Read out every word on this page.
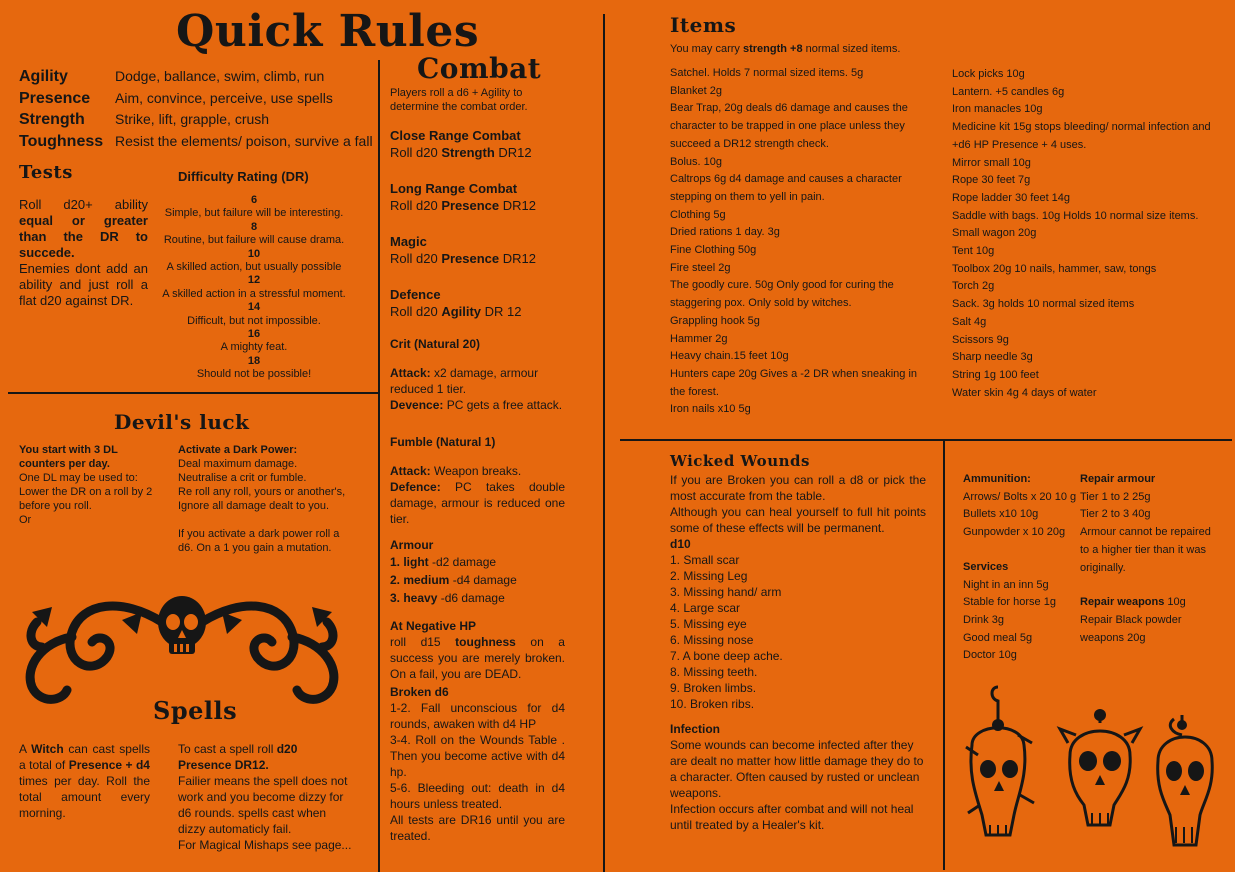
Quick Rules
Agility	Dodge, ballance, swim, climb, run
Presence	Aim, convince, perceive, use spells
Strength	Strike, lift, grapple, crush
Toughness Resist the elements/ poison, survive a fall
Tests

Roll d20+ ability equal or greater than the DR to succede.

Enemies dont add an ability and just roll a flat d20 against DR.

Difficulty Rating (DR)
6
Simple, but failure will be interesting.
8
Routine, but failure will cause drama.
10
A skilled action, but usually possible
12
A skilled action in a stressful moment.
14
Difficult, but not impossible.
16
A mighty feat.
18
Should not be possible!
Devil's luck

You start with 3 DL counters per day.

One DL may be used to: Lower the DR on a roll by 2 before you roll.

Or

Activate a Dark Power:

Deal maximum damage.

Neutralise a crit or fumble.

Re roll any roll, yours or another's,

Ignore all damage dealt to you.

If you activate a dark power roll a d6. On a 1 you gain a mutation.

Spells
A Witch can cast spells a total of Presence + d4 times per day. Roll the total amount every morning.

To cast a spell roll d20 Presence DR12.

Failier means the spell does not work and you become dizzy for d6 rounds. spells cast when dizzy automaticly fail.

For Magical Mishaps see page...

Combat

Players roll a d6 + Agility to determine the combat order.

Close Range Combat

Roll d20 Strength DR12

Long Range Combat

Roll d20 Presence DR12

Magic

Roll d20 Presence DR12

Defence

Roll d20 Agility DR 12

Crit (Natural 20)

Attack: x2 damage, armour reduced 1 tier.

Devence: PC gets a free attack.

Fumble (Natural 1)

Attack: Weapon breaks.

Defence: PC takes double damage, armour is reduced one tier.

Armour

1. light -d2 damage

2. medium -d4 damage

3. heavy -d6 damage

At Negative HP

roll d15 toughness on a success you are merely broken. On a fail, you are DEAD.

Broken d6

1-2. Fall unconscious for d4 rounds, awaken with d4 HP

3-4. Roll on the Wounds Table . Then you become active with d4 hp.

5-6. Bleeding out: death in d4 hours unless treated.

All tests are DR16 until you are treated.

Items
You may carry strength +8 normal sized items.
Satchel. Holds 7 normal sized items. 5g
Blanket 2g
Bear Trap, 20g deals d6 damage and causes the character to be trapped in one place unless they succeed a DR12 strength check.
Bolus. 10g
Caltrops 6g d4 damage and causes a character stepping on them to yell in pain.
Clothing 5g
Dried rations 1 day. 3g
Fine Clothing 50g
Fire steel 2g
The goodly cure. 50g Only good for curing the staggering pox. Only sold by witches.
Grappling hook 5g
Hammer 2g
Heavy chain.15 feet 10g
Hunters cape 20g Gives a -2 DR when sneaking in the forest.
Iron nails x10 5g
Lock picks 10g
Lantern. +5 candles 6g
Iron manacles 10g
Medicine kit 15g stops bleeding/ normal infection and +d6 HP Presence + 4 uses.
Mirror small 10g
Rope 30 feet 7g
Rope ladder 30 feet 14g
Saddle with bags. 10g Holds 10 normal size items.
Small wagon 20g
Tent 10g
Toolbox 20g 10 nails, hammer, saw, tongs
Torch 2g
Sack. 3g holds 10 normal sized items
Salt 4g
Scissors 9g
Sharp needle 3g
String 1g 100 feet
Water skin 4g 4 days of water
Wicked Wounds

If you are Broken you can roll a d8 or pick the most accurate from the table.

Although you can heal yourself to full hit points some of these effects will be permanent.

d10

1. Small scar

2. Missing Leg

3. Missing hand/ arm

4. Large scar

5. Missing eye

6. Missing nose

7. A bone deep ache.

8. Missing teeth.

9. Broken limbs.

10. Broken ribs.

Infection

Some wounds can become infected after they are dealt no matter how little damage they do to a character. Often caused by rusted or unclean weapons.

Infection occurs after combat and will not heal until treated by a Healer's kit.

Ammunition:
Arrows/ Bolts x 20 10 g
Bullets x10 10g
Gunpowder x 10 20g
Services
Night in an inn 5g
Stable for horse 1g
Drink 3g
Good meal 5g
Doctor 10g
Repair armour
Tier 1 to 2 25g
Tier 2 to 3 40g
Armour cannot be repaired to a higher tier than it was originally.
Repair weapons 10g
Repair Black powder weapons 20g
